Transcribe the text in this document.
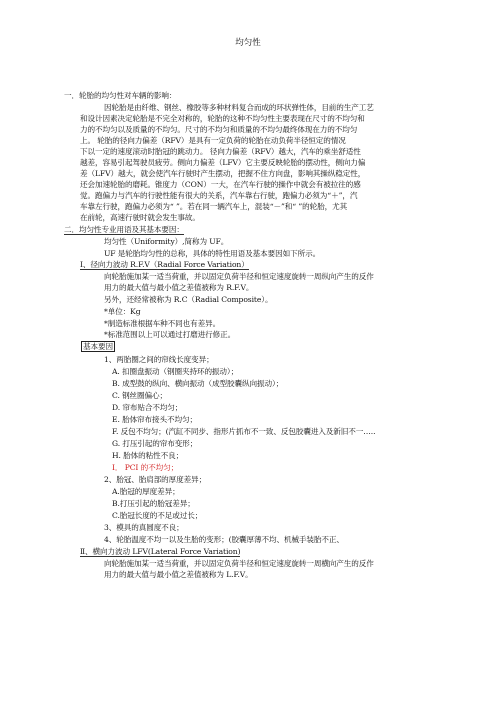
均匀性
一．轮胎的均匀性对车辆的影响：
因轮胎是由纤维、钢丝、橡胶等多种材料复合而成的环状弹性体，目前的生产工艺
和设计因素决定轮胎是不完全对称的，轮胎的这种不均匀性主要表现在尺寸的不均匀和
力的不均匀以及质量的不均匀。尺寸的不均匀和质量的不均匀最终体现在力的不均匀
上。 轮胎的径向力偏差（RFV）是具有一定负荷的轮胎在动负荷半径恒定的情况
下以一定的速度滚动时胎冠的跳动力。 径向力偏差（RFV）越大，汽车的乘坐舒适性
越差，容易引起驾驶员疲劳。侧向力偏差（LFV）它主要反映轮胎的摆动性，侧向力偏
差（LFV）越大，就会使汽车行驶时产生摆动，把握不住方向盘，影响其操纵稳定性，
还会加速轮胎的磨耗。锥度力（CON）一大，在汽车行驶的操作中就会有被拉往的感
觉。跑偏力与汽车的行驶性能有很大的关系，汽车靠右行驶，跑偏力必须为“＋”，汽
车靠左行驶，跑偏力必须为“ ”。若在同一辆汽车上，混装“－”和“ ”的轮胎，尤其
在前轮，高速行驶时就会发生事故。
二．均匀性专业用语及其基本要因：
均匀性（Uniformity）,简称为 UF。
UF 是轮胎均匀性的总称，具体的特性用语及基本要因如下所示。
Ⅰ、径向力波动 R.F.V（Radial Force Variation）
向轮胎施加某一适当荷重，并以固定负荷半径和恒定速度旋转一周纵向产生的反作
用力的最大值与最小值之差值被称为 R.F.V。
另外，还经常被称为 R.C（Radial Composite）。
*单位：Kg
*制造标准根据车种不同也有差异。
*标准范围以上可以通过打磨进行修正。
基本要因
1、两胎圈之间的帘线长度变异；
A. 扣圈盘振动（钢圈夹持环的振动）；
B. 成型鼓的纵向、横向振动（成型胶囊纵向振动）；
C. 钢丝圈偏心；
D. 帘布贴合不均匀；
E. 胎体帘布接头不均匀；
F. 反包不均匀；(汽缸不同步、指形片抓布不一致、反包胶囊进入及新旧不一…..
G. 打压引起的帘布变形；
H. 胎体的粘性不良；
I． PCI 的不均匀；
2、胎冠、胎肩部的厚度差异；
A.胎冠的厚度差异；
B.打压引起的胎冠差异；
C.胎冠长度的不足或过长；
3、模具的真圆度不良；
4、轮胎温度不均一以及生胎的变形；(胶囊厚薄不均、机械手装胎不正、
Ⅱ、横向力波动 LFV(Lateral Force Variation)
向轮胎施加某一适当荷重，并以固定负荷半径和恒定速度旋转一周横向产生的反作
用力的最大值与最小值之差值被称为 L.F.V。
